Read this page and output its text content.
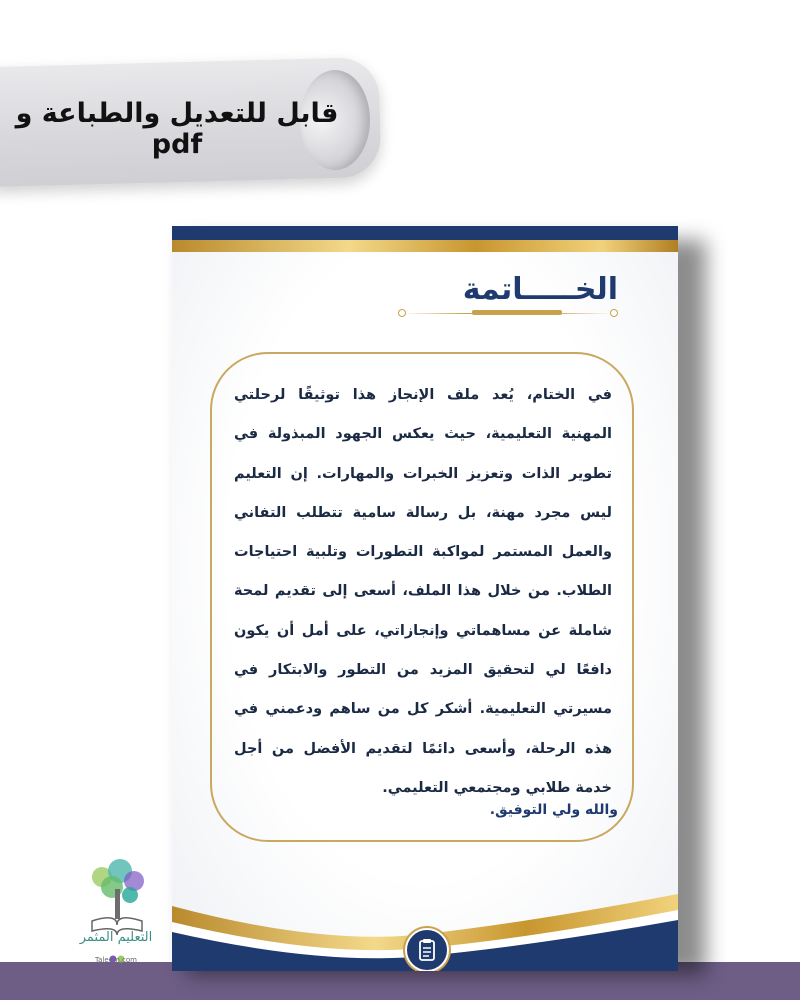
قابل للتعديل والطباعة و pdf
الخـــــاتمة
في الختام، يُعد ملف الإنجاز هذا توثيقًا لرحلتي المهنية التعليمية، حيث يعكس الجهود المبذولة في تطوير الذات وتعزيز الخبرات والمهارات. إن التعليم ليس مجرد مهنة، بل رسالة سامية تتطلب التفاني والعمل المستمر لمواكبة التطورات وتلبية احتياجات الطلاب. من خلال هذا الملف، أسعى إلى تقديم لمحة شاملة عن مساهماتي وإنجازاتي، على أمل أن يكون دافعًا لي لتحقيق المزيد من التطور والابتكار في مسيرتي التعليمية. أشكر كل من ساهم ودعمني في هذه الرحلة، وأسعى دائمًا لتقديم الأفضل من أجل خدمة طلابي ومجتمعي التعليمي.
والله ولي التوفيق.
التعليم المثمر
Taleem.com
